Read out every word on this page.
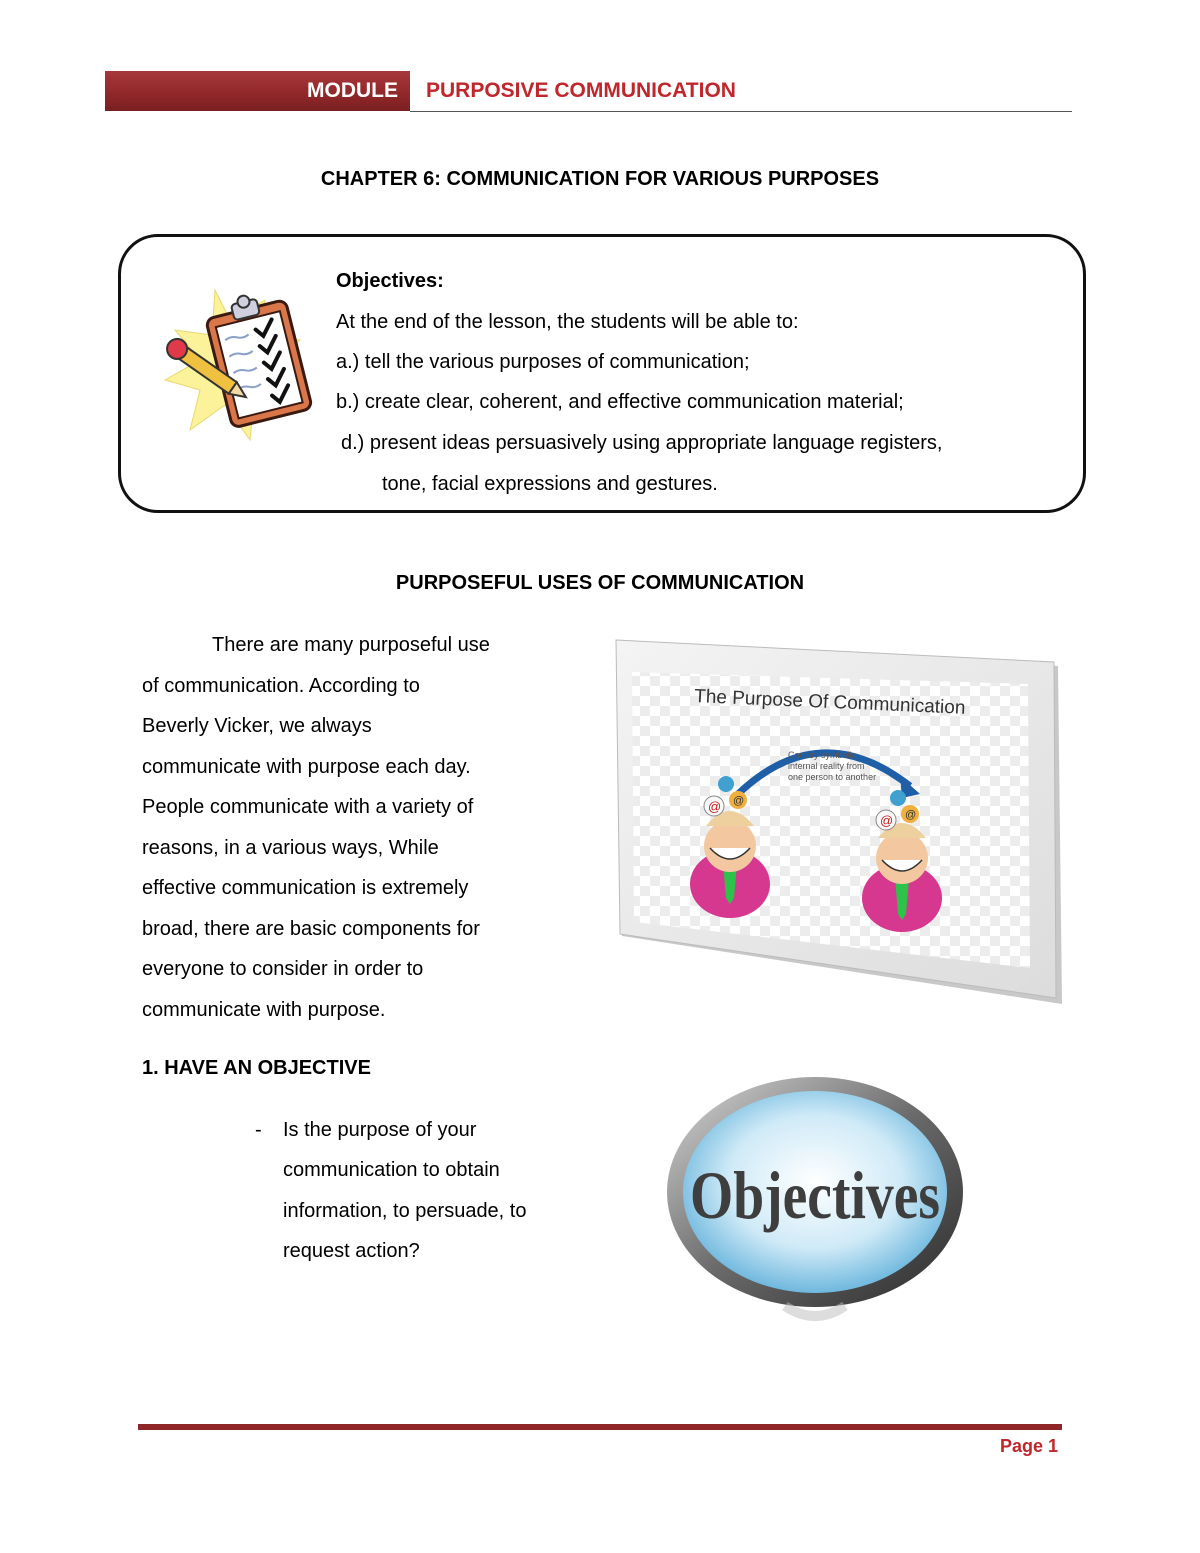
MODULE	PURPOSIVE COMMUNICATION
CHAPTER 6: COMMUNICATION FOR VARIOUS PURPOSES
Objectives:
At the end of the lesson, the students will be able to:
a.) tell the various purposes of communication;
b.) create clear, coherent, and effective communication material;
d.) present ideas persuasively using appropriate language registers,
tone, facial expressions and gestures.
PURPOSEFUL USES OF COMMUNICATION
There are many purposeful use
of communication. According to
Beverly Vicker, we always
communicate with purpose each day.
People communicate with a variety of
reasons, in a various ways, While
effective communication is extremely
broad, there are basic components for
everyone to consider in order to
communicate with purpose.
The Purpose Of Communication
Convey symbolic
internal reality from
one person to another
@ @
@ @
1. HAVE AN OBJECTIVE
- Is the purpose of your
communication to obtain
information, to persuade, to
request action?
Objectives
Page 1
